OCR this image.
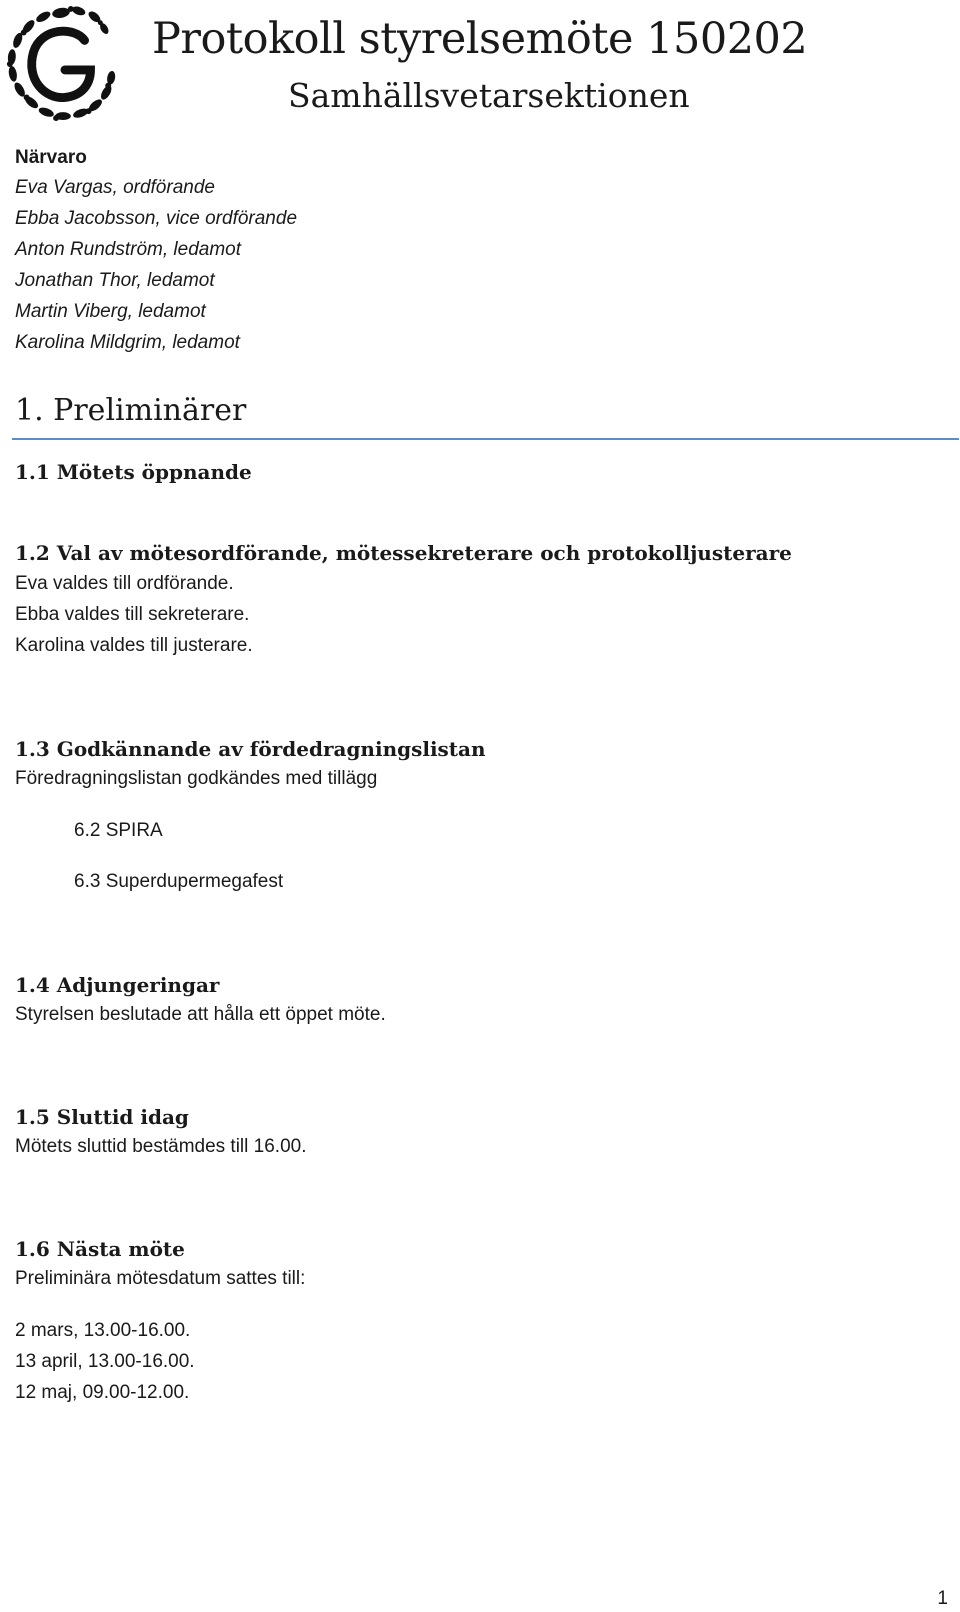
Protokoll styrelsemöte 150202
Samhällsvetarsektionen
Närvaro
Eva Vargas, ordförande
Ebba Jacobsson, vice ordförande
Anton Rundström, ledamot
Jonathan Thor, ledamot
Martin Viberg, ledamot
Karolina Mildgrim, ledamot
1. Preliminärer
1.1 Mötets öppnande
1.2 Val av mötesordförande, mötessekreterare och protokolljusterare
Eva valdes till ordförande.
Ebba valdes till sekreterare.
Karolina valdes till justerare.
1.3 Godkännande av fördedragningslistan
Föredragningslistan godkändes med tillägg
6.2 SPIRA
6.3 Superdupermegafest
1.4 Adjungeringar
Styrelsen beslutade att hålla ett öppet möte.
1.5 Sluttid idag
Mötets sluttid bestämdes till 16.00.
1.6 Nästa möte
Preliminära mötesdatum sattes till:
2 mars, 13.00-16.00.
13 april, 13.00-16.00.
12 maj, 09.00-12.00.
1
